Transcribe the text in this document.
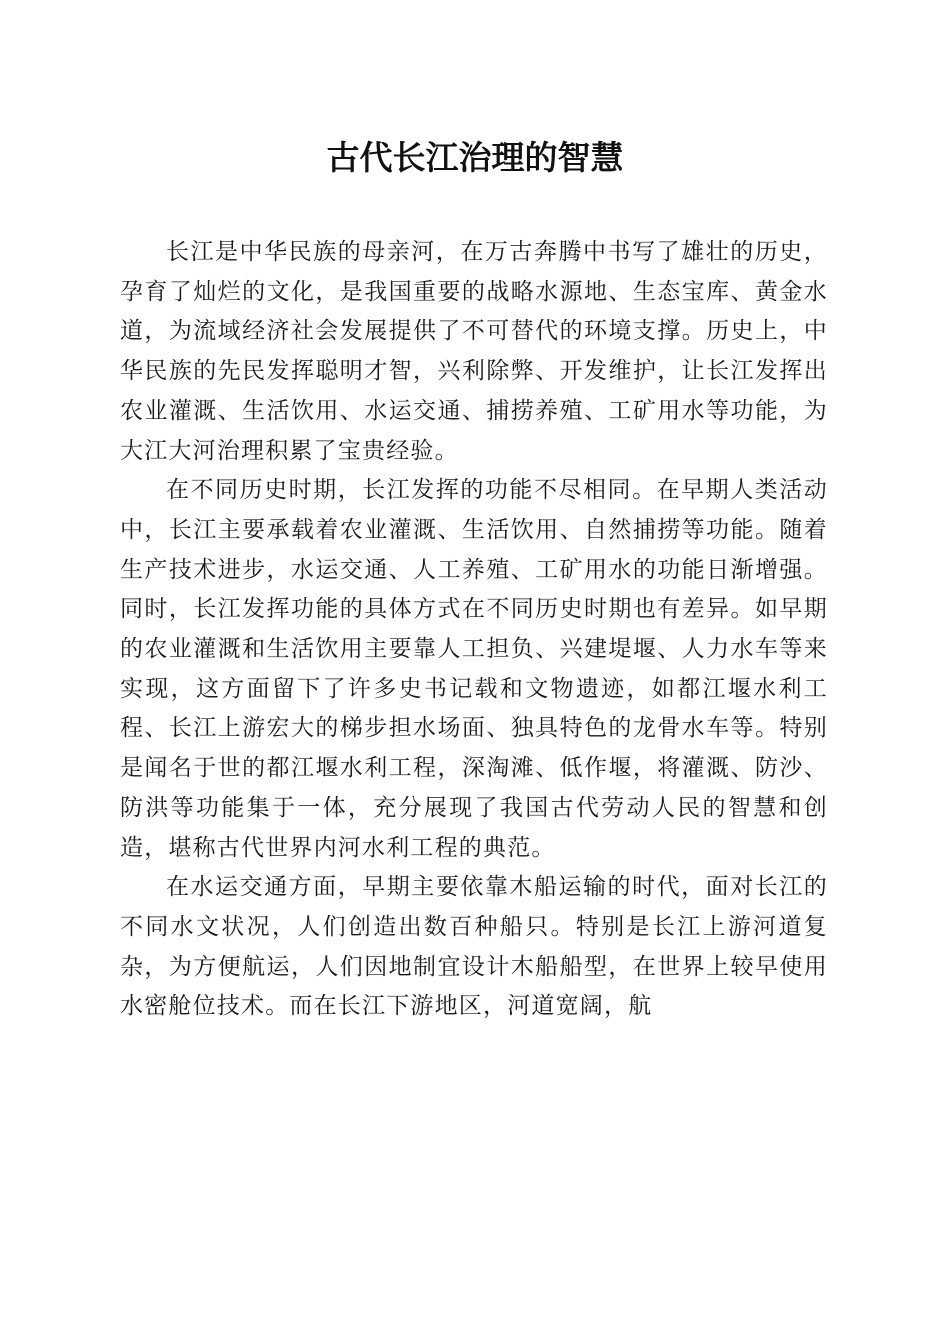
古代长江治理的智慧

长江是中华民族的母亲河，在万古奔腾中书写了雄壮的历史，孕育了灿烂的文化，是我国重要的战略水源地、生态宝库、黄金水道，为流域经济社会发展提供了不可替代的环境支撑。历史上，中华民族的先民发挥聪明才智，兴利除弊、开发维护，让长江发挥出农业灌溉、生活饮用、水运交通、捕捞养殖、工矿用水等功能，为大江大河治理积累了宝贵经验。

在不同历史时期，长江发挥的功能不尽相同。在早期人类活动中，长江主要承载着农业灌溉、生活饮用、自然捕捞等功能。随着生产技术进步，水运交通、人工养殖、工矿用水的功能日渐增强。同时，长江发挥功能的具体方式在不同历史时期也有差异。如早期的农业灌溉和生活饮用主要靠人工担负、兴建堤堰、人力水车等来实现，这方面留下了许多史书记载和文物遗迹，如都江堰水利工程、长江上游宏大的梯步担水场面、独具特色的龙骨水车等。特别是闻名于世的都江堰水利工程，深淘滩、低作堰，将灌溉、防沙、防洪等功能集于一体，充分展现了我国古代劳动人民的智慧和创造，堪称古代世界内河水利工程的典范。

在水运交通方面，早期主要依靠木船运输的时代，面对长江的不同水文状况，人们创造出数百种船只。特别是长江上游河道复杂，为方便航运，人们因地制宜设计木船船型，在世界上较早使用水密舱位技术。而在长江下游地区，河道宽阔，航
